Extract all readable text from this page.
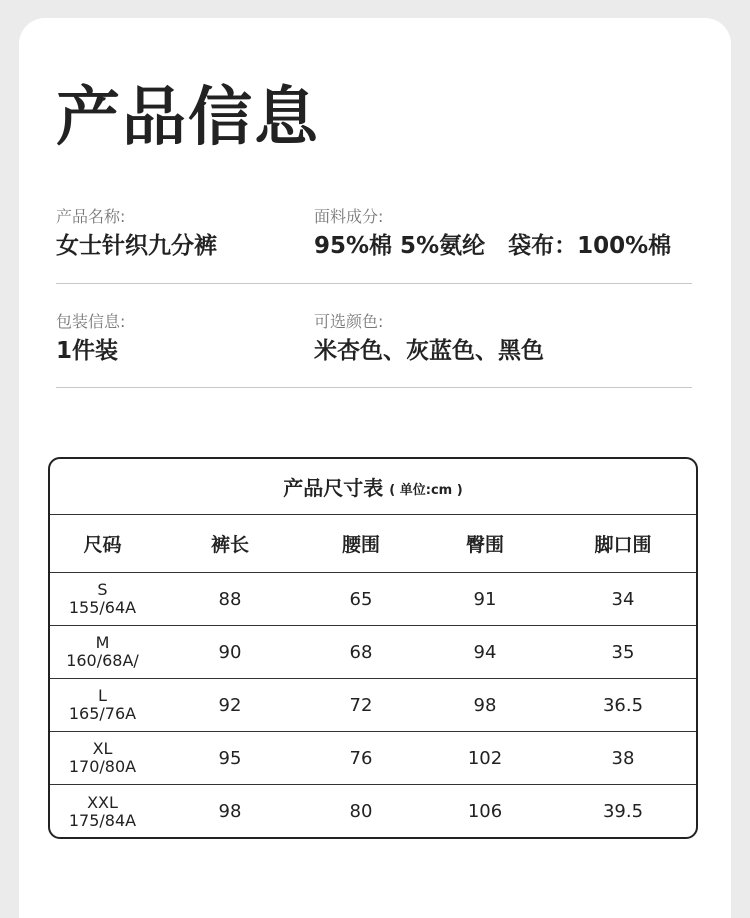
产品信息
产品名称:
女士针织九分裤
面料成分:
95%棉 5%氨纶　袋布：100%棉
包装信息:
1件装
可选颜色:
米杏色、灰蓝色、黑色
产品尺寸表 ( 单位:cm )
尺码	裤长	腰围	臀围	脚口围
S
155/64A	88	65	91	34
M
160/68A/	90	68	94	35
L
165/76A	92	72	98	36.5
XL
170/80A	95	76	102	38
XXL
175/84A	98	80	106	39.5
